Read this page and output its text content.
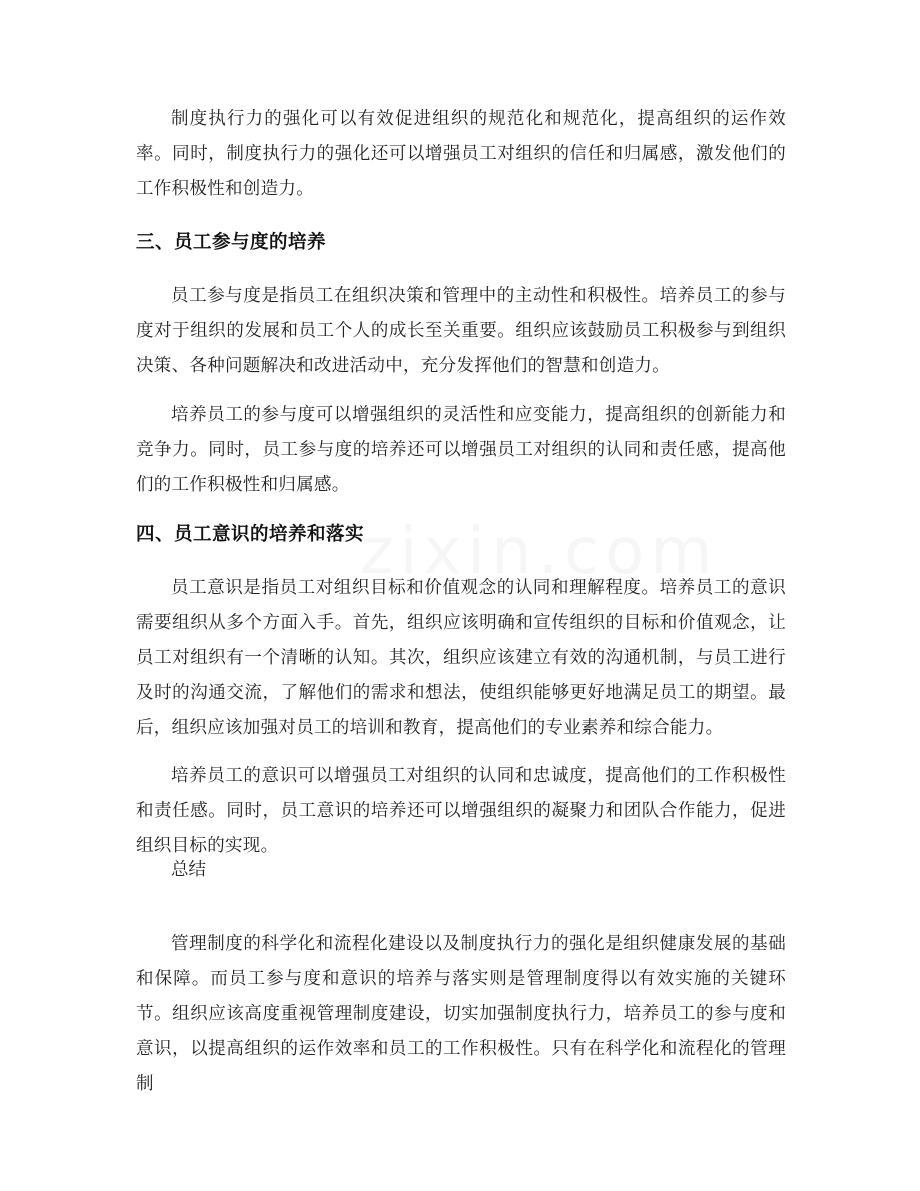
制度执行力的强化可以有效促进组织的规范化和规范化，提高组织的运作效率。同时，制度执行力的强化还可以增强员工对组织的信任和归属感，激发他们的工作积极性和创造力。

三、员工参与度的培养

员工参与度是指员工在组织决策和管理中的主动性和积极性。培养员工的参与度对于组织的发展和员工个人的成长至关重要。组织应该鼓励员工积极参与到组织决策、各种问题解决和改进活动中，充分发挥他们的智慧和创造力。

培养员工的参与度可以增强组织的灵活性和应变能力，提高组织的创新能力和竞争力。同时，员工参与度的培养还可以增强员工对组织的认同和责任感，提高他们的工作积极性和归属感。

四、员工意识的培养和落实

员工意识是指员工对组织目标和价值观念的认同和理解程度。培养员工的意识需要组织从多个方面入手。首先，组织应该明确和宣传组织的目标和价值观念，让员工对组织有一个清晰的认知。其次，组织应该建立有效的沟通机制，与员工进行及时的沟通交流，了解他们的需求和想法，使组织能够更好地满足员工的期望。最后，组织应该加强对员工的培训和教育，提高他们的专业素养和综合能力。

培养员工的意识可以增强员工对组织的认同和忠诚度，提高他们的工作积极性和责任感。同时，员工意识的培养还可以增强组织的凝聚力和团队合作能力，促进组织目标的实现。

总结

管理制度的科学化和流程化建设以及制度执行力的强化是组织健康发展的基础和保障。而员工参与度和意识的培养与落实则是管理制度得以有效实施的关键环节。组织应该高度重视管理制度建设，切实加强制度执行力，培养员工的参与度和意识，以提高组织的运作效率和员工的工作积极性。只有在科学化和流程化的管理制
